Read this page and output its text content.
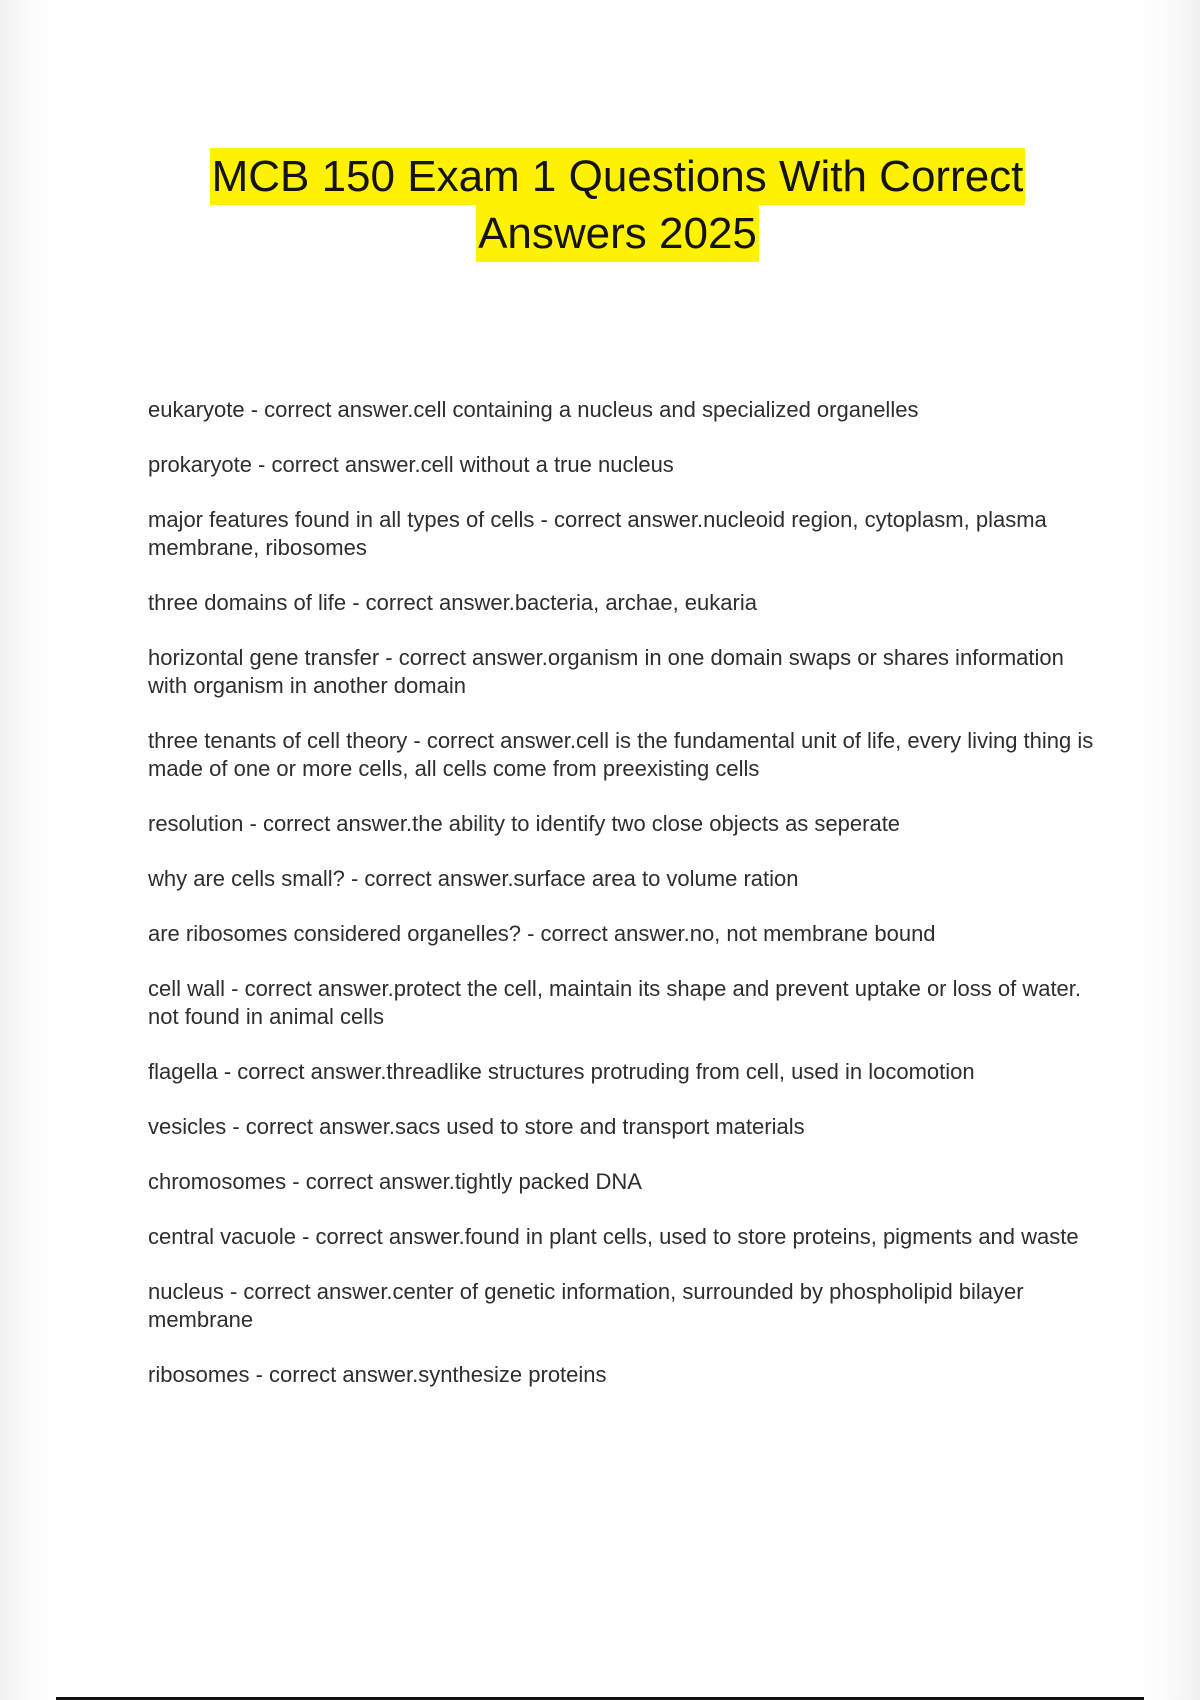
MCB 150 Exam 1 Questions With Correct
Answers 2025
eukaryote - correct answer.cell containing a nucleus and specialized organelles
prokaryote - correct answer.cell without a true nucleus
major features found in all types of cells - correct answer.nucleoid region, cytoplasm, plasma membrane, ribosomes
three domains of life - correct answer.bacteria, archae, eukaria
horizontal gene transfer - correct answer.organism in one domain swaps or shares information with organism in another domain
three tenants of cell theory - correct answer.cell is the fundamental unit of life, every living thing is made of one or more cells, all cells come from preexisting cells
resolution - correct answer.the ability to identify two close objects as seperate
why are cells small? - correct answer.surface area to volume ration
are ribosomes considered organelles? - correct answer.no, not membrane bound
cell wall - correct answer.protect the cell, maintain its shape and prevent uptake or loss of water. not found in animal cells
flagella - correct answer.threadlike structures protruding from cell, used in locomotion
vesicles - correct answer.sacs used to store and transport materials
chromosomes - correct answer.tightly packed DNA
central vacuole - correct answer.found in plant cells, used to store proteins, pigments and waste
nucleus - correct answer.center of genetic information, surrounded by phospholipid bilayer membrane
ribosomes - correct answer.synthesize proteins
